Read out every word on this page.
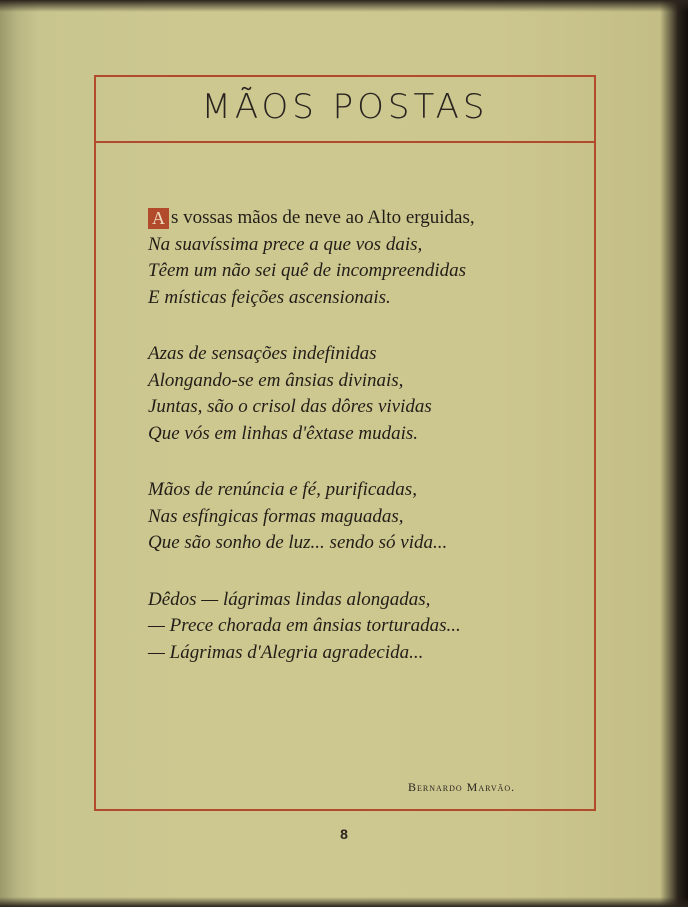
MÃOS POSTAS
A s vossas mãos de neve ao Alto erguidas,
Na suavíssima prece a que vos dais,
Têem um não sei quê de incompreendidas
E místicas feições ascensionais.
Azas de sensações indefinidas
Alongando-se em ânsias divinais,
Juntas, são o crisol das dôres vividas
Que vós em linhas d'êxtase mudais.
Mãos de renúncia e fé, purificadas,
Nas esfíngicas formas maguadas,
Que são sonho de luz... sendo só vida...
Dêdos — lágrimas lindas alongadas,
— Prece chorada em ânsias torturadas...
— Lágrimas d'Alegria agradecida...
Bernardo Marvão.
8
